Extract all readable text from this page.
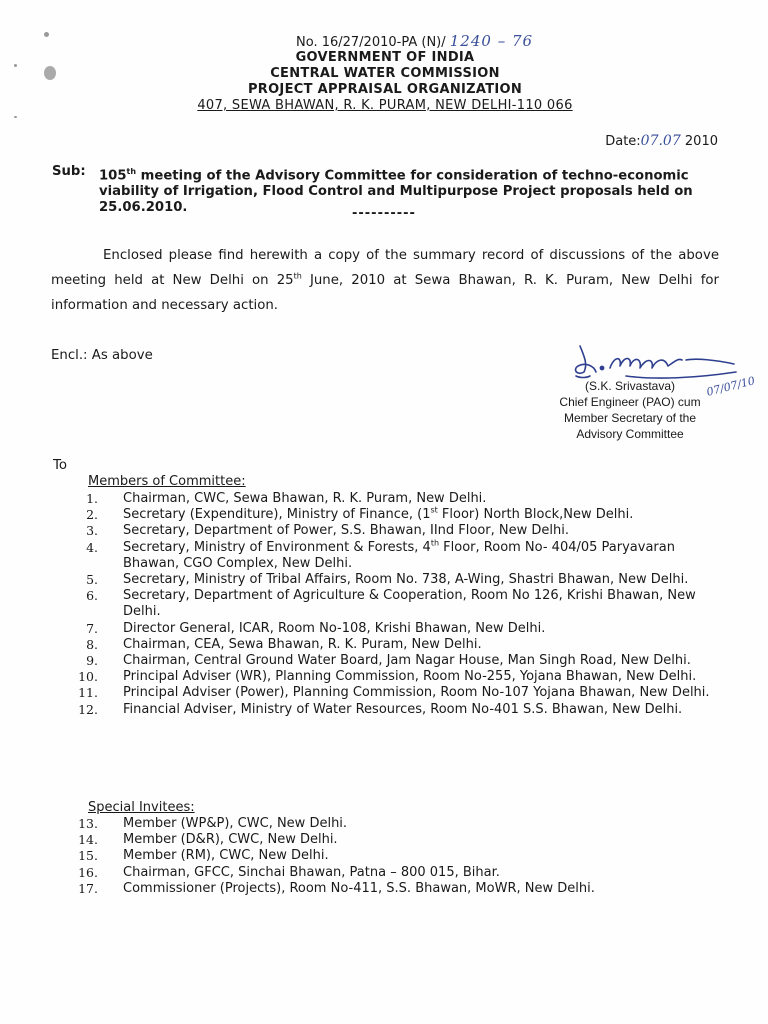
No. 16/27/2010-PA (N)/ 1240 – 76
GOVERNMENT OF INDIA
CENTRAL WATER COMMISSION
PROJECT APPRAISAL ORGANIZATION
407, SEWA BHAWAN, R. K. PURAM, NEW DELHI-110 066
Date:07.07 2010
Sub: 105th meeting of the Advisory Committee for consideration of techno-economic viability of Irrigation, Flood Control and Multipurpose Project proposals held on 25.06.2010.	----------
Enclosed please find herewith a copy of the summary record of discussions of the above meeting held at New Delhi on 25th June, 2010 at Sewa Bhawan, R. K. Puram, New Delhi for information and necessary action.
Encl.: As above
07/07/10
(S.K. Srivastava)
Chief Engineer (PAO) cum
Member Secretary of the
Advisory Committee
To
Members of Committee:
1. Chairman, CWC, Sewa Bhawan, R. K. Puram, New Delhi.
2. Secretary (Expenditure), Ministry of Finance, (1st Floor) North Block,New Delhi.
3. Secretary, Department of Power, S.S. Bhawan, IInd Floor, New Delhi.
4. Secretary, Ministry of Environment & Forests, 4th Floor, Room No- 404/05 Paryavaran Bhawan, CGO Complex, New Delhi.
5. Secretary, Ministry of Tribal Affairs, Room No. 738, A-Wing, Shastri Bhawan, New Delhi.
6. Secretary, Department of Agriculture & Cooperation, Room No 126, Krishi Bhawan, New Delhi.
7. Director General, ICAR, Room No-108, Krishi Bhawan, New Delhi.
8. Chairman, CEA, Sewa Bhawan, R. K. Puram, New Delhi.
9. Chairman, Central Ground Water Board, Jam Nagar House, Man Singh Road, New Delhi.
10. Principal Adviser (WR), Planning Commission, Room No-255, Yojana Bhawan, New Delhi.
11. Principal Adviser (Power), Planning Commission, Room No-107 Yojana Bhawan, New Delhi.
12. Financial Adviser, Ministry of Water Resources, Room No-401 S.S. Bhawan, New Delhi.
Special Invitees:
13. Member (WP&P), CWC, New Delhi.
14. Member (D&R), CWC, New Delhi.
15. Member (RM), CWC, New Delhi.
16. Chairman, GFCC, Sinchai Bhawan, Patna – 800 015, Bihar.
17. Commissioner (Projects), Room No-411, S.S. Bhawan, MoWR, New Delhi.
